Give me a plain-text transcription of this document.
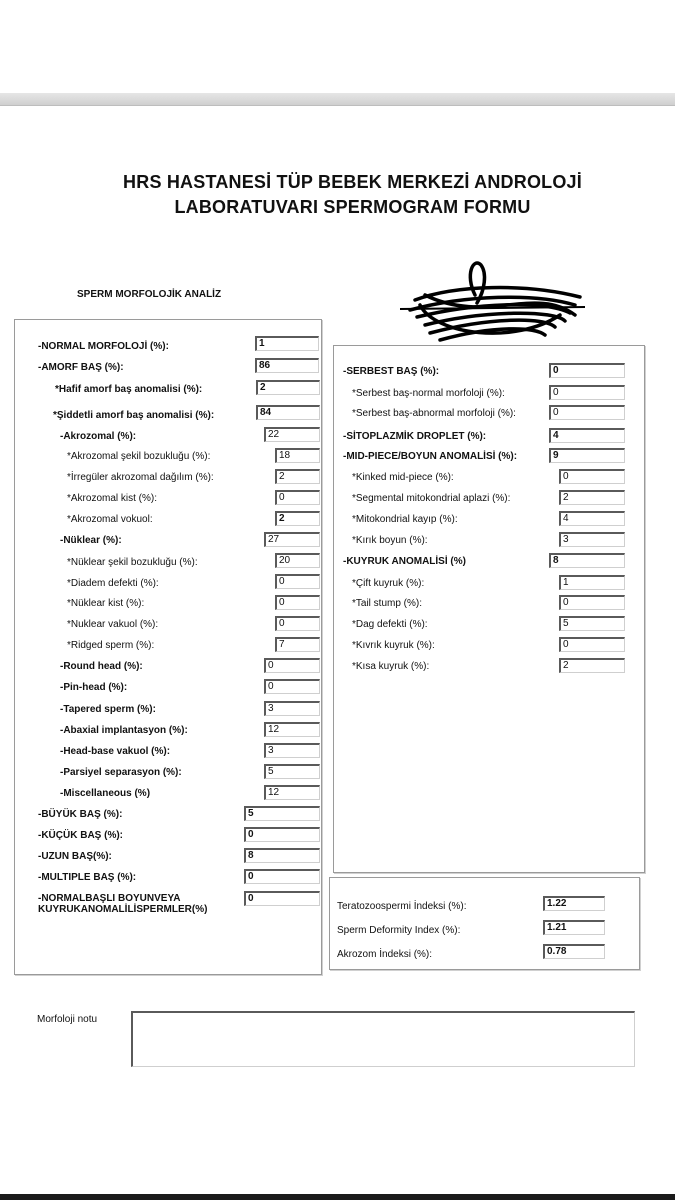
HRS HASTANESİ TÜP BEBEK MERKEZİ ANDROLOJİ
LABORATUVARI SPERMOGRAM FORMU
SPERM MORFOLOJİK ANALİZ
-NORMAL MORFOLOJİ (%):	1
-AMORF BAŞ (%):	86
*Hafif amorf baş anomalisi (%):	2
*Şiddetli amorf baş anomalisi (%):	84
-Akrozomal (%):	22
*Akrozomal şekil bozukluğu (%):	18
*İrregüler akrozomal dağılım (%):	2
*Akrozomal kist (%):	0
*Akrozomal vokuol:	2
-Nüklear (%):	27
*Nüklear şekil bozukluğu (%):	20
*Diadem defekti (%):	0
*Nüklear kist (%):	0
*Nuklear vakuol (%):	0
*Ridged sperm (%):	7
-Round head (%):	0
-Pin-head (%):	0
-Tapered sperm (%):	3
-Abaxial implantasyon (%):	12
-Head-base vakuol (%):	3
-Parsiyel separasyon (%):	5
-Miscellaneous (%)	12
-BÜYÜK BAŞ (%):	5
-KÜÇÜK BAŞ (%):	0
-UZUN BAŞ(%):	8
-MULTIPLE BAŞ (%):	0
-NORMALBAŞLI BOYUNVEYA
KUYRUKANOMALİLİSPERMLER(%)
0
-SERBEST BAŞ (%):	0
*Serbest baş-normal morfoloji (%):	0
*Serbest baş-abnormal morfoloji (%):	0
-SİTOPLAZMİK DROPLET (%):	4
-MID-PIECE/BOYUN ANOMALİSİ (%):	9
*Kinked mid-piece (%):	0
*Segmental mitokondrial aplazi (%):	2
*Mitokondrial kayıp (%):	4
*Kırık boyun (%):	3
-KUYRUK ANOMALİSİ (%)	8
*Çift kuyruk (%):	1
*Tail stump (%):	0
*Dag defekti (%):	5
*Kıvrık kuyruk (%):	0
*Kısa kuyruk (%):	2
Teratozoospermi İndeksi (%):	1.22
Sperm Deformity Index (%):	1.21
Akrozom İndeksi (%):	0.78
Morfoloji notu
